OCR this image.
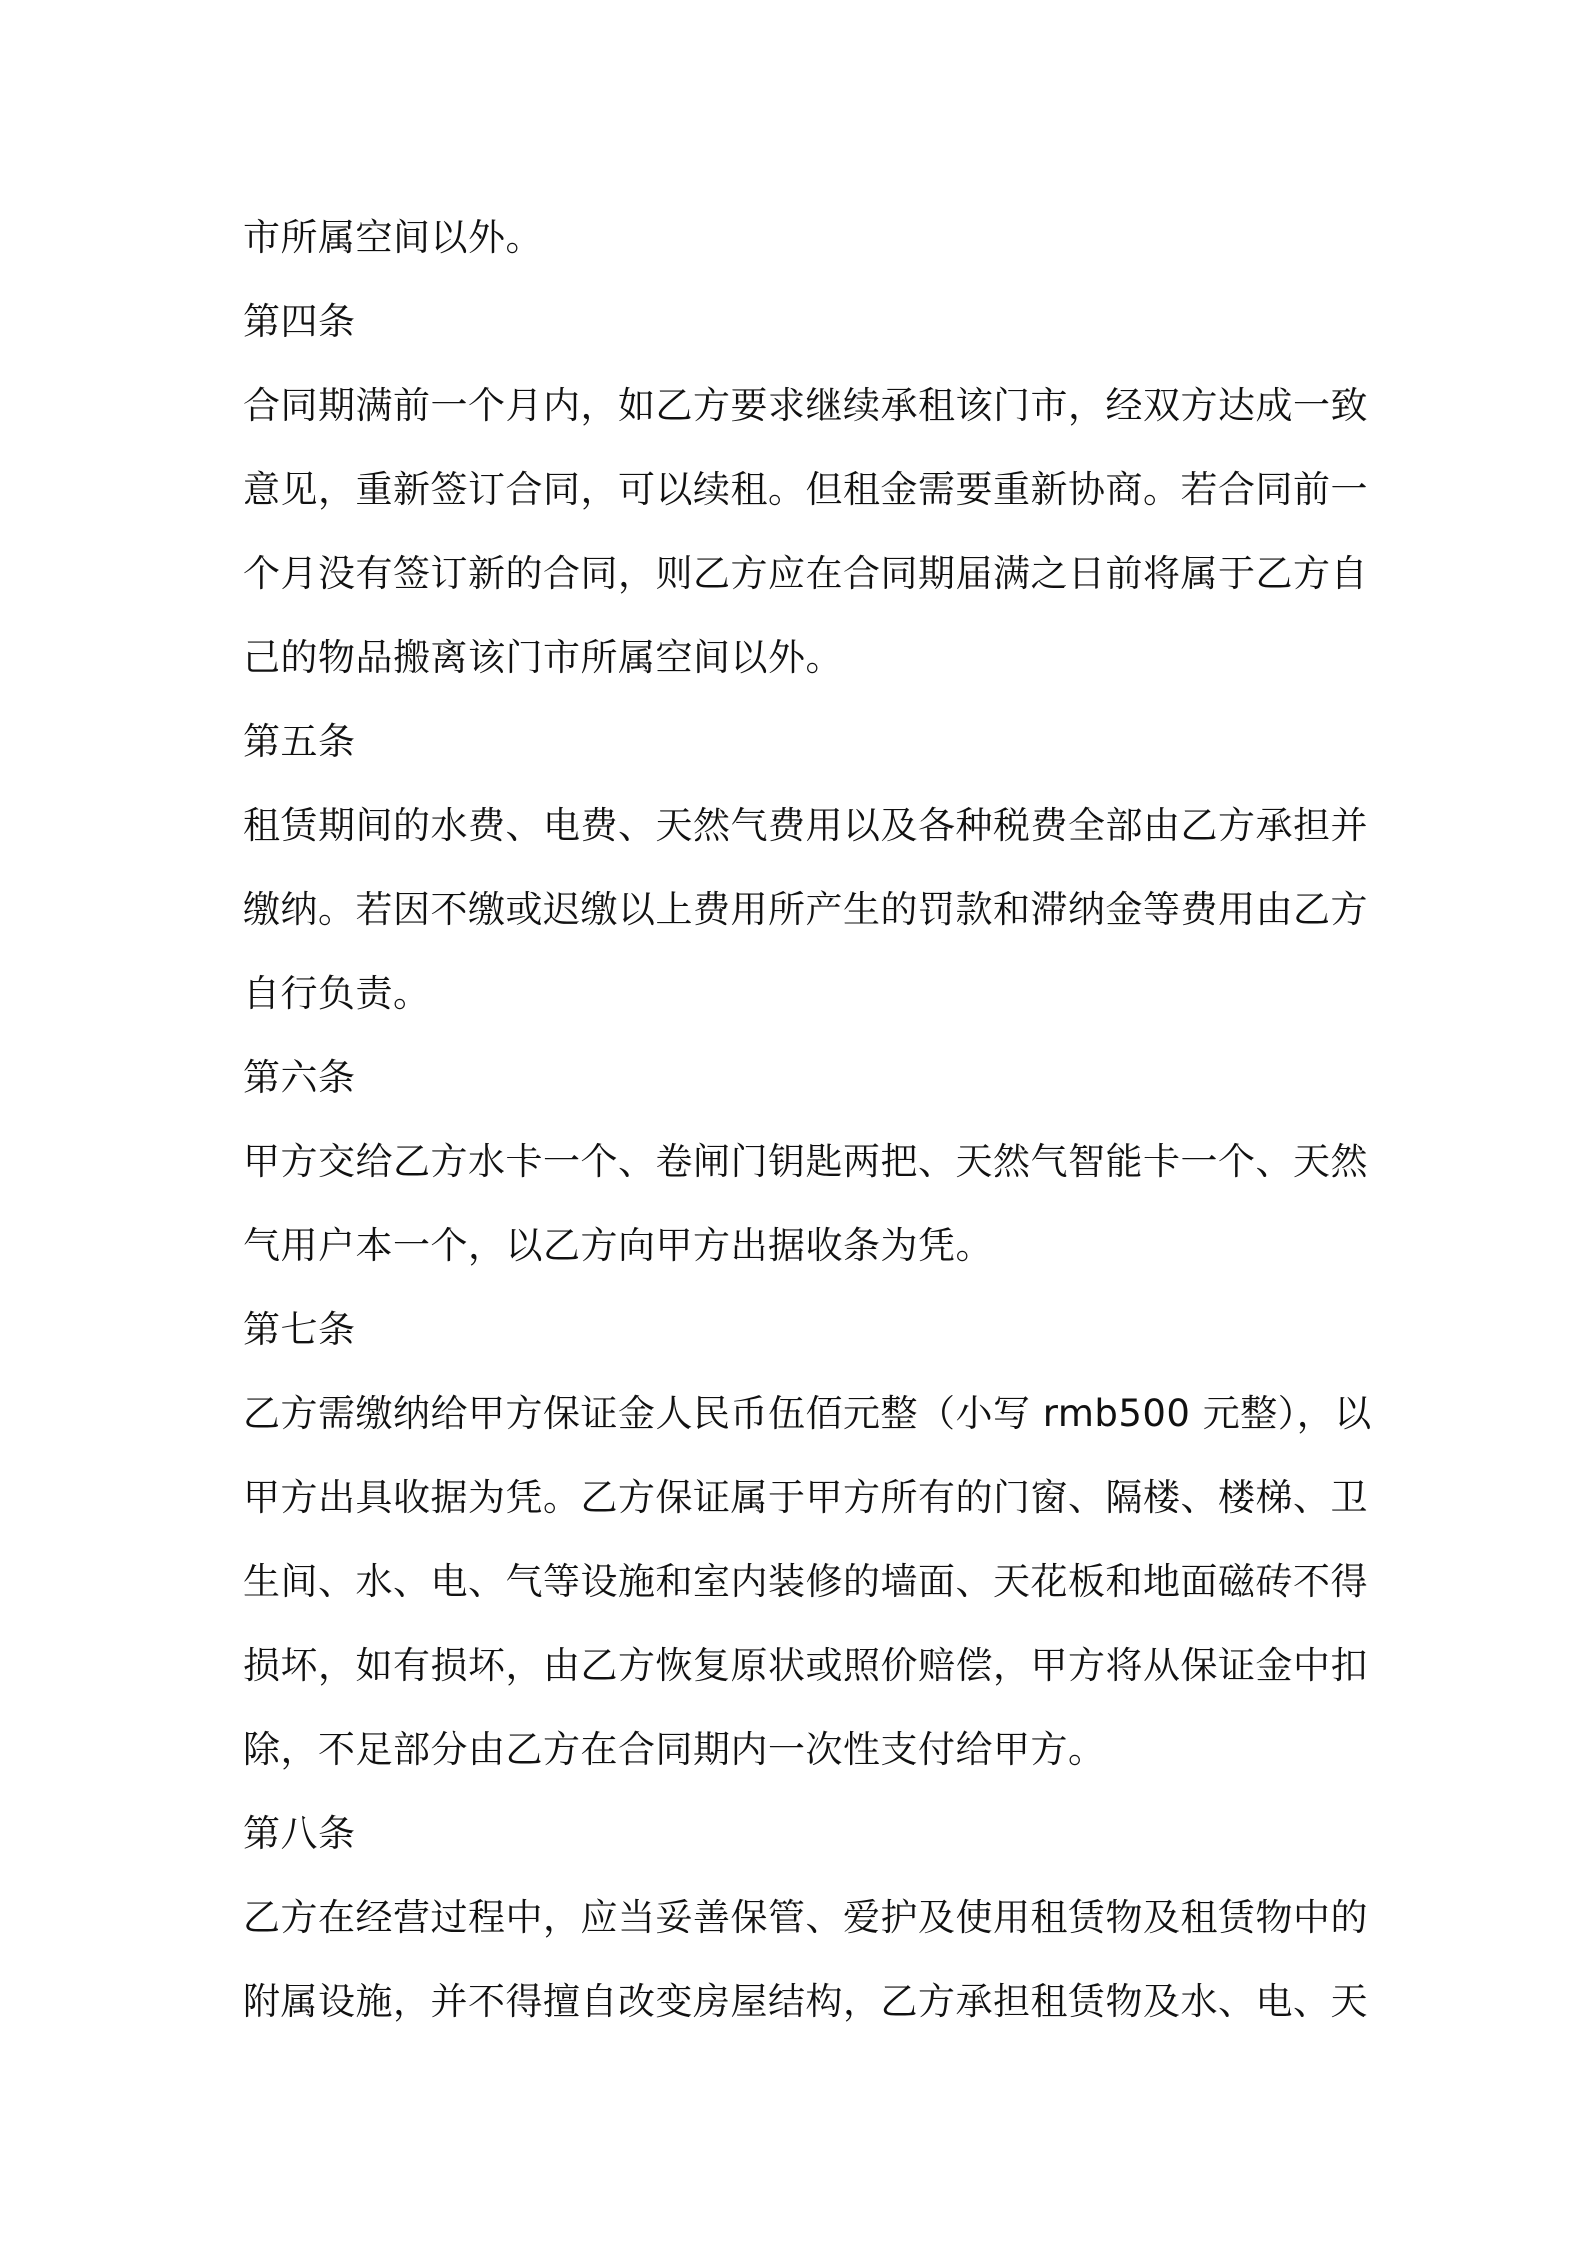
市所属空间以外。
第四条
合同期满前一个月内，如乙方要求继续承租该门市，经双方达成一致
意见，重新签订合同，可以续租。但租金需要重新协商。若合同前一
个月没有签订新的合同，则乙方应在合同期届满之日前将属于乙方自
己的物品搬离该门市所属空间以外。
第五条
租赁期间的水费、电费、天然气费用以及各种税费全部由乙方承担并
缴纳。若因不缴或迟缴以上费用所产生的罚款和滞纳金等费用由乙方
自行负责。
第六条
甲方交给乙方水卡一个、卷闸门钥匙两把、天然气智能卡一个、天然
气用户本一个，以乙方向甲方出据收条为凭。
第七条
乙方需缴纳给甲方保证金人民币伍佰元整（小写 rmb500 元整），以
甲方出具收据为凭。乙方保证属于甲方所有的门窗、隔楼、楼梯、卫
生间、水、电、气等设施和室内装修的墙面、天花板和地面磁砖不得
损坏，如有损坏，由乙方恢复原状或照价赔偿，甲方将从保证金中扣
除，不足部分由乙方在合同期内一次性支付给甲方。
第八条
乙方在经营过程中，应当妥善保管、爱护及使用租赁物及租赁物中的
附属设施，并不得擅自改变房屋结构，乙方承担租赁物及水、电、天
